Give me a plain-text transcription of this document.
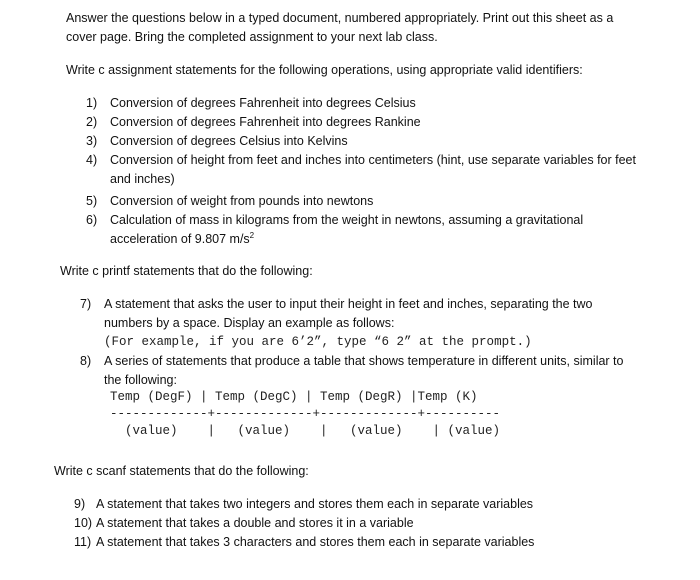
Answer the questions below in a typed document, numbered appropriately. Print out this sheet as a
cover page. Bring the completed assignment to your next lab class.
Write c assignment statements for the following operations, using appropriate valid identifiers:
1) Conversion of degrees Fahrenheit into degrees Celsius
2) Conversion of degrees Fahrenheit into degrees Rankine
3) Conversion of degrees Celsius into Kelvins
4) Conversion of height from feet and inches into centimeters (hint, use separate variables for feet
and inches)
5) Conversion of weight from pounds into newtons
6) Calculation of mass in kilograms from the weight in newtons, assuming a gravitational
acceleration of 9.807 $m/s^2$
Write c printf statements that do the following:
7) A statement that asks the user to input their height in feet and inches, separating the two
numbers by a space. Display an example as follows:
(For example, if you are 6’2”, type “6 2” at the prompt.)
8) A series of statements that produce a table that shows temperature in different units, similar to
the following:
Temp (DegF) | Temp (DegC) | Temp (DegR) |Temp (K)
-------------+-------------+-------------+----------
(value)    |   (value)    |   (value)    | (value)
Write c scanf statements that do the following:
9) A statement that takes two integers and stores them each in separate variables
10) A statement that takes a double and stores it in a variable
11) A statement that takes 3 characters and stores them each in separate variables
